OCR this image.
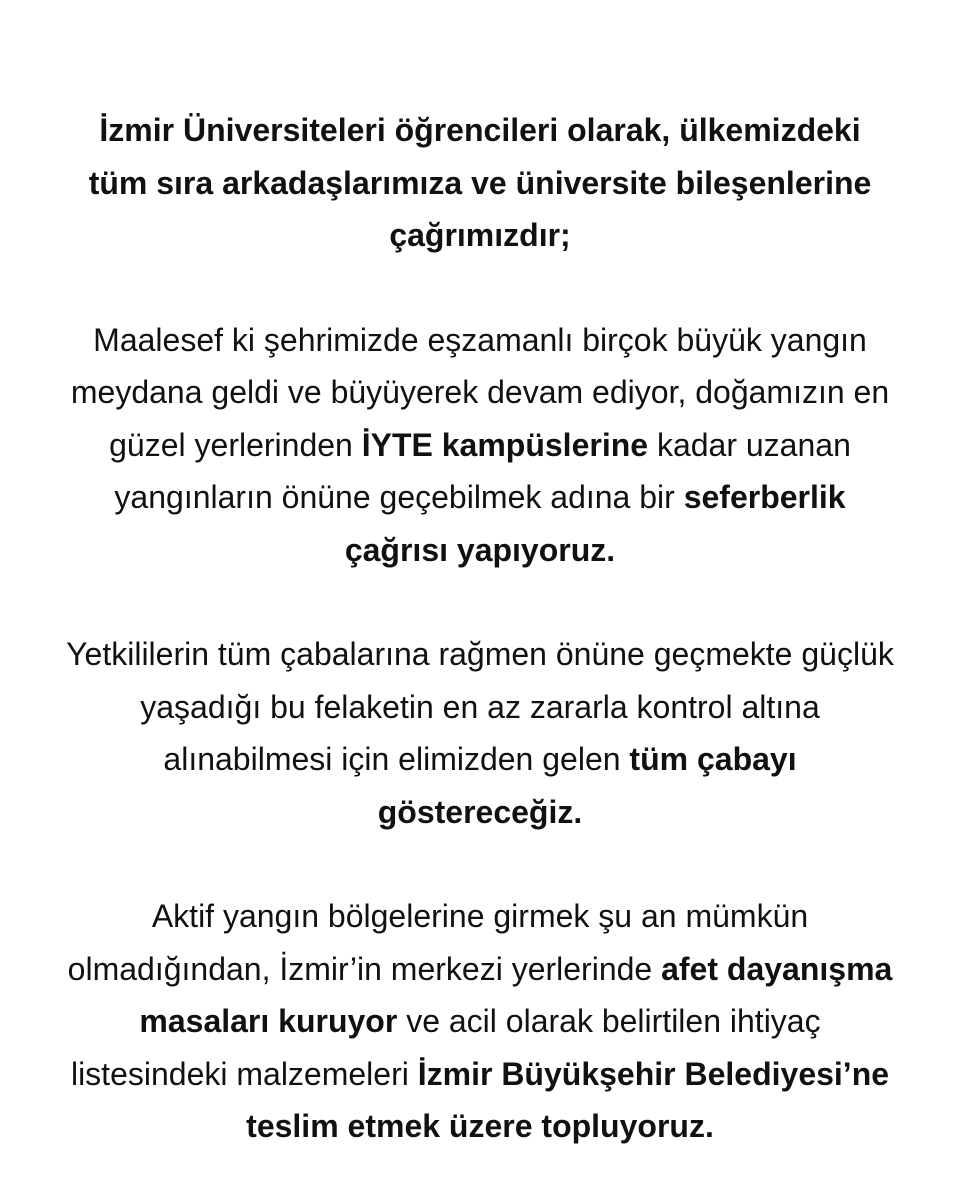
İzmir Üniversiteleri öğrencileri olarak, ülkemizdeki
tüm sıra arkadaşlarımıza ve üniversite bileşenlerine
çağrımızdır;

Maalesef ki şehrimizde eşzamanlı birçok büyük yangın
meydana geldi ve büyüyerek devam ediyor, doğamızın en
güzel yerlerinden İYTE kampüslerine kadar uzanan
yangınların önüne geçebilmek adına bir seferberlik
çağrısı yapıyoruz.

Yetkililerin tüm çabalarına rağmen önüne geçmekte güçlük
yaşadığı bu felaketin en az zararla kontrol altına
alınabilmesi için elimizden gelen tüm çabayı
göstereceğiz.

Aktif yangın bölgelerine girmek şu an mümkün
olmadığından, İzmir’in merkezi yerlerinde afet dayanışma
masaları kuruyor ve acil olarak belirtilen ihtiyaç
listesindeki malzemeleri İzmir Büyükşehir Belediyesi’ne
teslim etmek üzere topluyoruz.
